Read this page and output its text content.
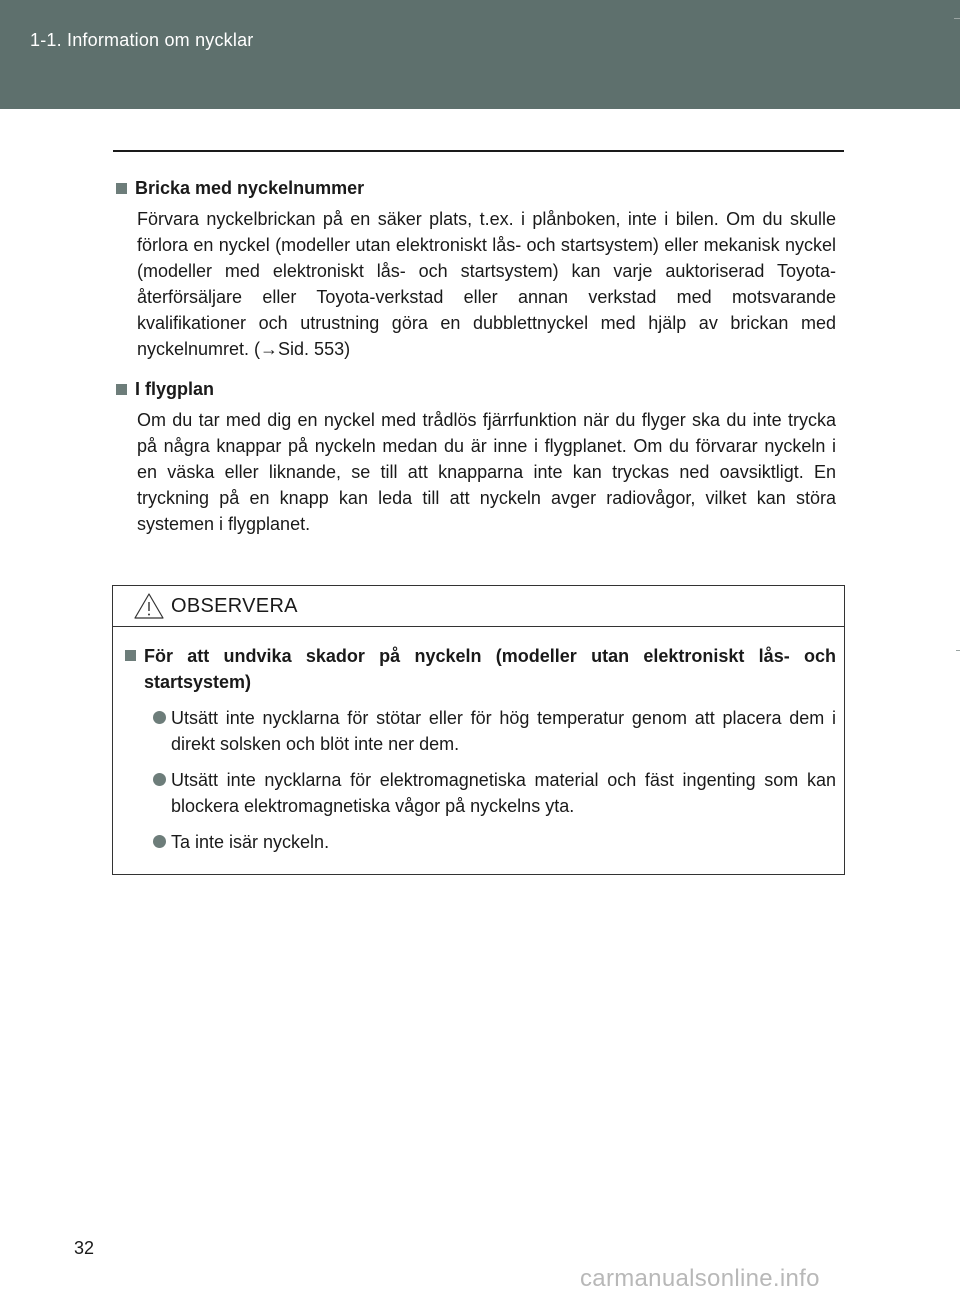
1-1. Information om nycklar
Bricka med nyckelnummer
Förvara nyckelbrickan på en säker plats, t.ex. i plånboken, inte i bilen. Om du skulle förlora en nyckel (modeller utan elektroniskt lås- och startsystem) eller mekanisk nyckel (modeller med elektroniskt lås- och startsystem) kan varje auktoriserad Toyota-återförsäljare eller Toyota-verkstad eller annan verkstad med motsvarande kvalifikationer och utrustning göra en dubblettnyckel med hjälp av brickan med nyckelnumret. (→Sid. 553)
I flygplan
Om du tar med dig en nyckel med trådlös fjärrfunktion när du flyger ska du inte trycka på några knappar på nyckeln medan du är inne i flygplanet. Om du förvarar nyckeln i en väska eller liknande, se till att knapparna inte kan tryckas ned oavsiktligt. En tryckning på en knapp kan leda till att nyckeln avger radiovågor, vilket kan störa systemen i flygplanet.
OBSERVERA
För att undvika skador på nyckeln (modeller utan elektroniskt lås- och startsystem)
Utsätt inte nycklarna för stötar eller för hög temperatur genom att placera dem i direkt solsken och blöt inte ner dem.
Utsätt inte nycklarna för elektromagnetiska material och fäst ingenting som kan blockera elektromagnetiska vågor på nyckelns yta.
Ta inte isär nyckeln.
32
carmanualsonline.info
